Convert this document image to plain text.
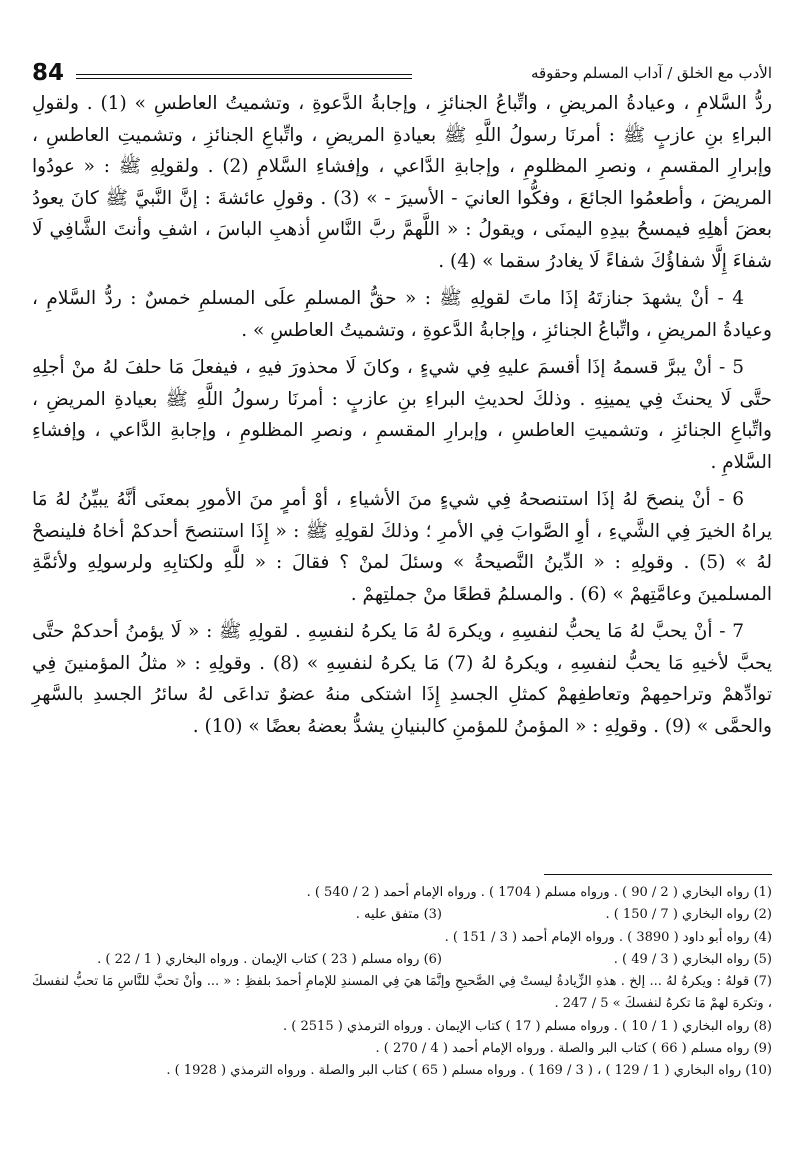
84	الأدب مع الخلق / آداب المسلم وحقوقه

ردُّ السَّلامِ ، وعيادةُ المريضِ ، واتِّباعُ الجنائزِ ، وإجابةُ الدَّعوةِ ، وتشميتُ العاطسِ » (1) . ولقولِ البراءِ بنِ عازبٍ ﷺ : أمرنَا رسولُ اللَّهِ ﷺ بعيادةِ المريضِ ، واتِّباعِ الجنائزِ ، وتشميتِ العاطسِ ، وإبرارِ المقسمِ ، ونصرِ المظلومِ ، وإجابةِ الدَّاعي ، وإفشاءِ السَّلامِ (2) . ولقولِهِ ﷺ : « عودُوا المريضَ ، وأطعمُوا الجائعَ ، وفكُّوا العانيَ - الأسيرَ - » (3) . وقولِ عائشةَ : إنَّ النَّبيَّ ﷺ كانَ يعودُ بعضَ أهلِهِ فيمسحُ بيدِهِ اليمنَى ، ويقولُ : « اللَّهمَّ ربَّ النَّاسِ أذهبِ الباسَ ، اشفِ وأنتَ الشَّافِي لَا شفاءَ إِلَّا شفاؤُكَ شفاءً لَا يغادرُ سقما » (4) .

4 - أنْ يشهدَ جنازتَهُ إذَا ماتَ لقولِهِ ﷺ : « حقُّ المسلمِ علَى المسلمِ خمسٌ : ردُّ السَّلامِ ، وعيادةُ المريضِ ، واتِّباعُ الجنائزِ ، وإجابةُ الدَّعوةِ ، وتشميتُ العاطسِ » .

5 - أنْ يبرَّ قسمهُ إذَا أقسمَ عليهِ فِي شيءٍ ، وكانَ لَا محذورَ فيهِ ، فيفعلَ مَا حلفَ لهُ منْ أجلِهِ حتَّى لَا يحنثَ فِي يمينِهِ . وذلكَ لحديثِ البراءِ بنِ عازبٍ : أمرنَا رسولُ اللَّهِ ﷺ بعيادةِ المريضِ ، واتِّباعِ الجنائزِ ، وتشميتِ العاطسِ ، وإبرارِ المقسمِ ، ونصرِ المظلومِ ، وإجابةِ الدَّاعي ، وإفشاءِ السَّلامِ .

6 - أنْ ينصحَ لهُ إذَا استنصحهُ فِي شيءٍ منَ الأشياءِ ، أوْ أمرٍ منَ الأمورِ بمعنَى أنَّهُ يبيِّنُ لهُ مَا يراهُ الخيرَ فِي الشَّيءِ ، أوِ الصَّوابَ فِي الأمرِ ؛ وذلكَ لقولِهِ ﷺ : « إِذَا استنصحَ أحدكمْ أخاهُ فلينصحْ لهُ » (5) . وقولِهِ : « الدِّينُ النَّصيحةُ » وسئلَ لمنْ ؟ فقالَ : « للَّهِ ولكتابِهِ ولرسولِهِ ولأئمَّةِ المسلمينَ وعامَّتِهمْ » (6) . والمسلمُ قطعًا منْ جملتِهمْ .

7 - أنْ يحبَّ لهُ مَا يحبُّ لنفسِهِ ، ويكرهَ لهُ مَا يكرهُ لنفسِهِ . لقولِهِ ﷺ : « لَا يؤمنُ أحدكمْ حتَّى يحبَّ لأخيهِ مَا يحبُّ لنفسِهِ ، ويكرهُ لهُ (7) مَا يكرهُ لنفسِهِ » (8) . وقولِهِ : « مثلُ المؤمنينَ فِي توادِّهمْ وتراحمِهمْ وتعاطفِهمْ كمثلِ الجسدِ إِذَا اشتكى منهُ عضوٌ تداعَى لهُ سائرُ الجسدِ بالسَّهرِ والحمَّى » (9) . وقولِهِ : « المؤمنُ للمؤمنِ كالبنيانِ يشدُّ بعضهُ بعضًا » (10) .

(1) رواه البخاري ( 2 / 90 ) . ورواه مسلم ( 1704 ) . ورواه الإمام أحمد ( 2 / 540 ) .
(2) رواه البخاري ( 7 / 150 ) .
(3) متفق عليه .
(4) رواه أبو داود ( 3890 ) . ورواه الإمام أحمد ( 3 / 151 ) .
(5) رواه البخاري ( 3 / 49 ) .
(6) رواه مسلم ( 23 ) كتاب الإيمان . ورواه البخاري ( 1 / 22 ) .
(7) قولهُ : ويكرهُ لهُ ... إلخ . هذهِ الزِّيادةُ ليستْ فِي الصَّحيحِ وإنَّمَا هيَ فِي المسندِ للإمامِ أحمدَ بلفظِ : « ... وأنْ تحبَّ للنَّاسِ مَا تحبُّ لنفسكَ ، وتكرهَ لهمْ مَا تكرهُ لنفسكَ » 5 / 247 .
(8) رواه البخاري ( 1 / 10 ) . ورواه مسلم ( 17 ) كتاب الإيمان . ورواه الترمذي ( 2515 ) .
(9) رواه مسلم ( 66 ) كتاب البر والصلة . ورواه الإمام أحمد ( 4 / 270 ) .
(10) رواه البخاري ( 1 / 129 ) ، ( 3 / 169 ) . ورواه مسلم ( 65 ) كتاب البر والصلة . ورواه الترمذي ( 1928 ) .
